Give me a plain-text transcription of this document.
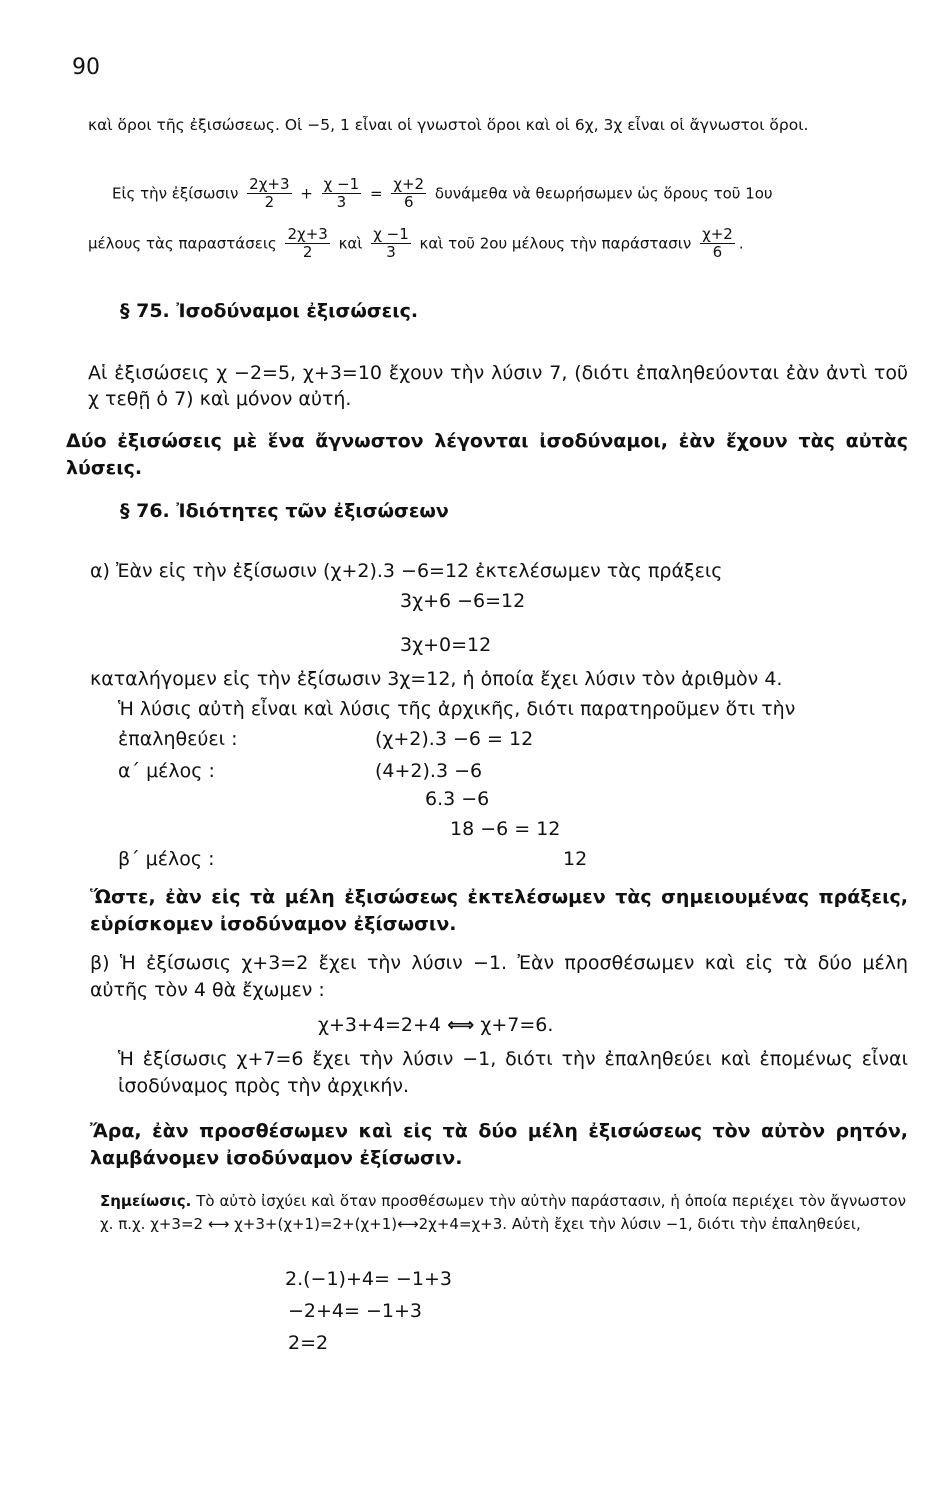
90
καὶ ὅροι τῆς ἐξισώσεως. Οἱ −5, 1 εἶναι οἱ γνωστοὶ ὅροι καὶ οἱ 6χ, 3χ εἶναι οἱ ἄγνωστοι ὅροι.
Εἰς τὴν ἐξίσωσιν $\frac{2\chi+3}{2} + \frac{\chi -1}{3} = \frac{\chi+2}{6}$ δυνάμεθα νὰ θεωρήσωμεν ὡς ὅρους τοῦ 1ου
μέλους τὰς παραστάσεις $\frac{2\chi+3}{2}$ καὶ $\frac{\chi -1}{3}$ καὶ τοῦ 2ου μέλους τὴν παράστασιν $\frac{\chi+2}{6}$ .
§ 75. Ἰσοδύναμοι ἐξισώσεις.
Αἱ ἐξισώσεις χ −2=5, χ+3=10 ἔχουν τὴν λύσιν 7, (διότι ἐπαληθεύονται ἐὰν ἀντὶ τοῦ χ τεθῇ ὁ 7) καὶ μόνον αὐτή.
Δύο ἐξισώσεις μὲ ἕνα ἄγνωστον λέγονται ἰσοδύναμοι, ἐὰν ἔχουν τὰς αὐτὰς λύσεις.
§ 76. Ἰδιότητες τῶν ἐξισώσεων
α) Ἐὰν εἰς τὴν ἐξίσωσιν (χ+2).3 −6=12 ἐκτελέσωμεν τὰς πράξεις
3χ+6 −6=12
3χ+0=12
καταλήγομεν εἰς τὴν ἐξίσωσιν 3χ=12, ἡ ὁποία ἔχει λύσιν τὸν ἀριθμὸν 4.
Ἡ λύσις αὐτὴ εἶναι καὶ λύσις τῆς ἀρχικῆς, διότι παρατηροῦμεν ὅτι τὴν
ἐπαληθεύει :	(χ+2).3 −6 = 12
α΄ μέλος :	(4+2).3 −6
6.3 −6
18 −6 = 12
β΄ μέλος :	12
Ὥστε, ἐὰν εἰς τὰ μέλη ἐξισώσεως ἐκτελέσωμεν τὰς σημειουμένας πράξεις, εὑρίσκομεν ἰσοδύναμον ἐξίσωσιν.
β) Ἡ ἐξίσωσις χ+3=2 ἔχει τὴν λύσιν −1. Ἐὰν προσθέσωμεν καὶ εἰς τὰ δύο μέλη αὐτῆς τὸν 4 θὰ ἔχωμεν :
χ+3+4=2+4 ⟺ χ+7=6.
Ἡ ἐξίσωσις χ+7=6 ἔχει τὴν λύσιν −1, διότι τὴν ἐπαληθεύει καὶ ἐπομένως εἶναι ἰσοδύναμος πρὸς τὴν ἀρχικήν.
Ἄρα, ἐὰν προσθέσωμεν καὶ εἰς τὰ δύο μέλη ἐξισώσεως τὸν αὐτὸν ρητόν, λαμβάνομεν ἰσοδύναμον ἐξίσωσιν.
Σημείωσις. Τὸ αὐτὸ ἰσχύει καὶ ὅταν προσθέσωμεν τὴν αὐτὴν παράστασιν, ἡ ὁποία περιέχει τὸν ἄγνωστον χ. π.χ. χ+3=2 ⟷ χ+3+(χ+1)=2+(χ+1)⟷2χ+4=χ+3. Αὐτὴ ἔχει τὴν λύσιν −1, διότι τὴν ἐπαληθεύει,
2.(−1)+4= −1+3
−2+4= −1+3
2=2
